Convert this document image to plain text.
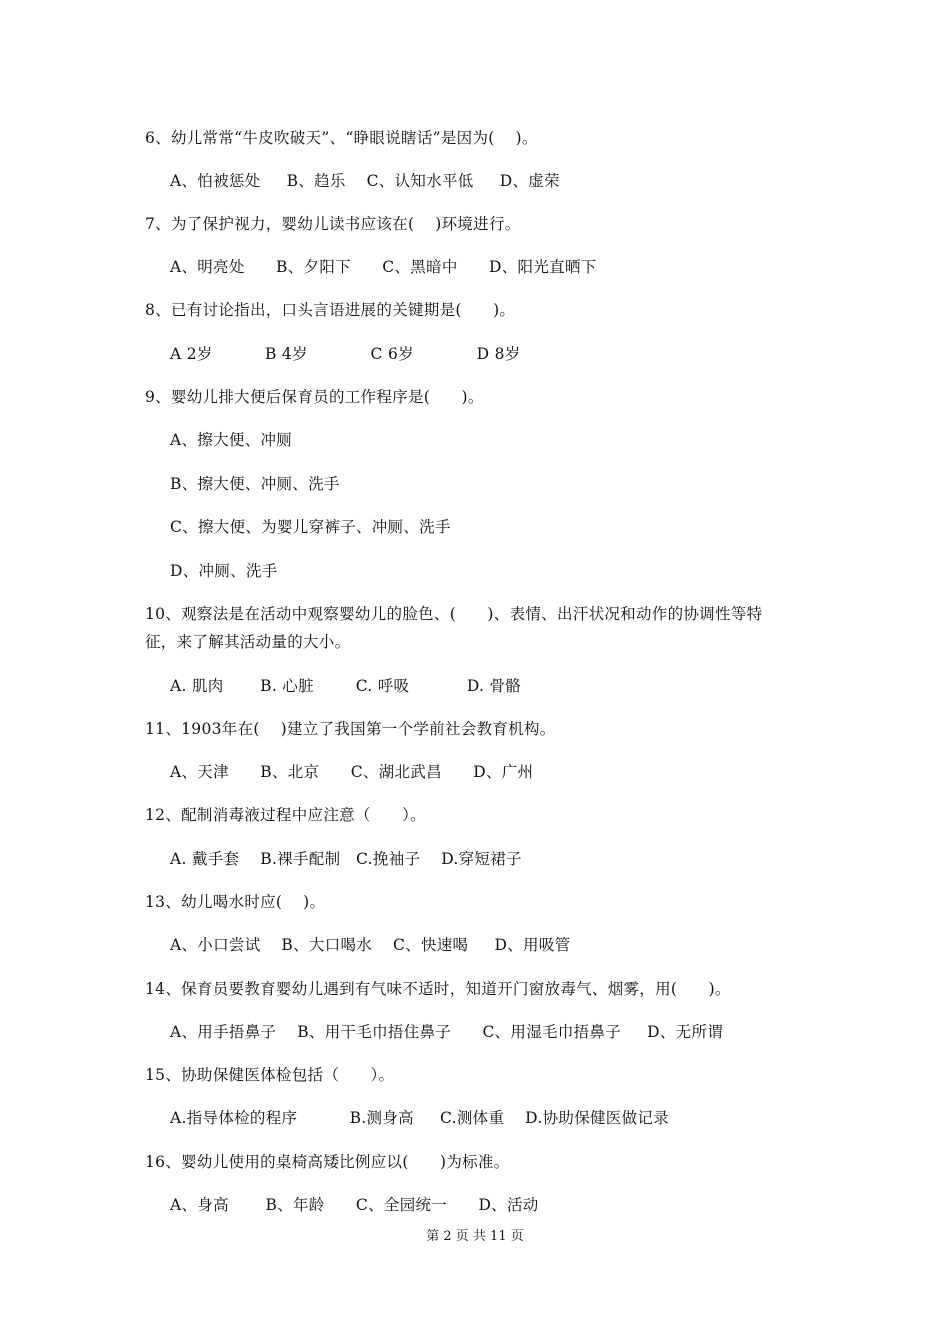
6、幼儿常常“牛皮吹破天”、“睁眼说瞎话”是因为(    )。
A、怕被惩处     B、趋乐    C、认知水平低     D、虚荣
7、为了保护视力，婴幼儿读书应该在(    )环境进行。
A、明亮处      B、夕阳下      C、黑暗中      D、阳光直晒下
8、已有讨论指出，口头言语进展的关键期是(      )。
A 2岁          B 4岁            C 6岁            D 8岁
9、婴幼儿排大便后保育员的工作程序是(      )。
A、擦大便、冲厕
B、擦大便、冲厕、洗手
C、擦大便、为婴儿穿裤子、冲厕、洗手
D、冲厕、洗手
10、观察法是在活动中观察婴幼儿的脸色、(      )、表情、出汗状况和动作的协调性等特
征，来了解其活动量的大小。
A. 肌肉       B. 心脏        C. 呼吸           D. 骨骼
11、1903年在(    )建立了我国第一个学前社会教育机构。
A、天津      B、北京      C、湖北武昌      D、广州
12、配制消毒液过程中应注意（      ）。
A. 戴手套    B.裸手配制   C.挽袖子    D.穿短裙子
13、幼儿喝水时应(    )。
A、小口尝试    B、大口喝水    C、快速喝     D、用吸管
14、保育员要教育婴幼儿遇到有气味不适时，知道开门窗放毒气、烟雾，用(      )。
A、用手捂鼻子    B、用干毛巾捂住鼻子      C、用湿毛巾捂鼻子     D、无所谓
15、协助保健医体检包括（      ）。
A.指导体检的程序          B.测身高     C.测体重    D.协助保健医做记录
16、婴幼儿使用的桌椅高矮比例应以(      )为标准。
A、身高       B、年龄      C、全园统一      D、活动
第 2 页 共 11 页
